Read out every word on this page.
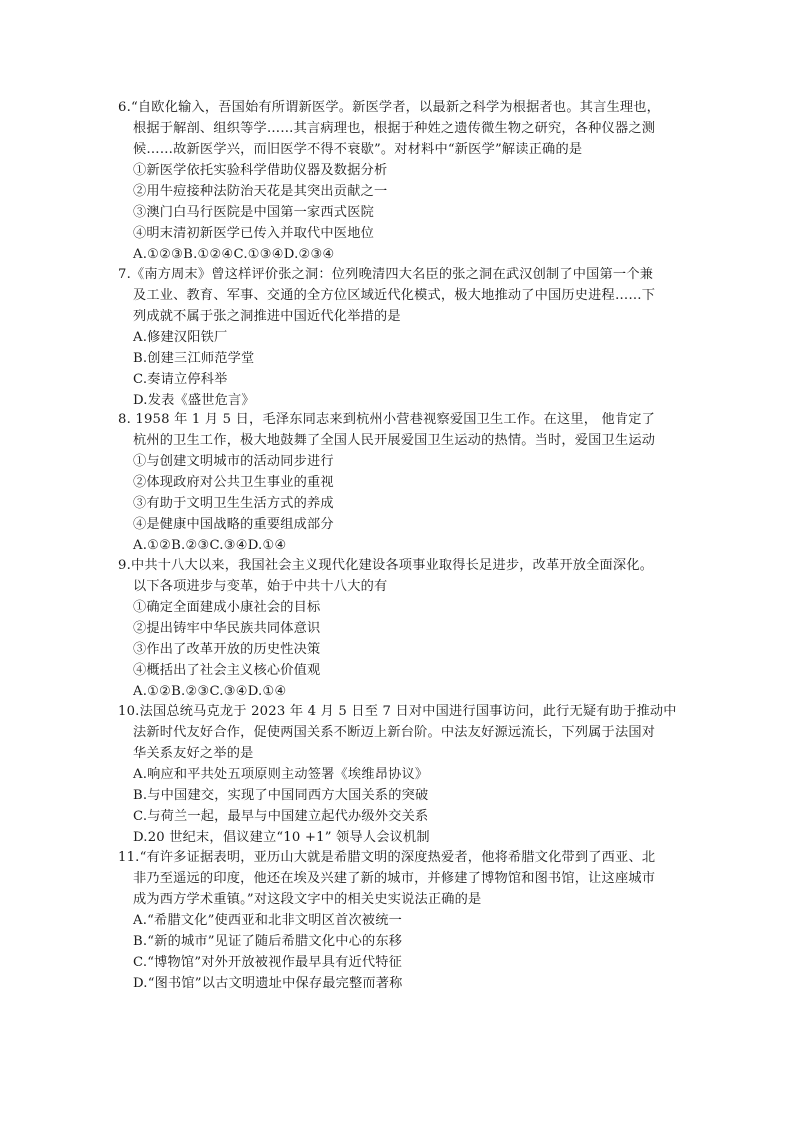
6.“自欧化输入，吾国始有所谓新医学。新医学者，以最新之科学为根据者也。其言生理也，
根据于解剖、组织等学……其言病理也，根据于种姓之遗传微生物之研究，各种仪器之测
候……故新医学兴，而旧医学不得不衰歇”。对材料中“新医学”解读正确的是
①新医学依托实验科学借助仪器及数据分析
②用牛痘接种法防治天花是其突出贡献之一
③澳门白马行医院是中国第一家西式医院
④明末清初新医学已传入并取代中医地位
A.①②③B.①②④C.①③④D.②③④
7.《南方周末》曾这样评价张之洞：位列晚清四大名臣的张之洞在武汉创制了中国第一个兼
及工业、教育、军事、交通的全方位区域近代化模式，极大地推动了中国历史进程……下
列成就不属于张之洞推进中国近代化举措的是
A.修建汉阳铁厂
B.创建三江师范学堂
C.奏请立停科举
D.发表《盛世危言》
8. 1958 年 1 月 5 日，毛泽东同志来到杭州小营巷视察爱国卫生工作。在这里， 他肯定了
杭州的卫生工作，极大地鼓舞了全国人民开展爱国卫生运动的热情。当时，爱国卫生运动
①与创建文明城市的活动同步进行
②体现政府对公共卫生事业的重视
③有助于文明卫生生活方式的养成
④是健康中国战略的重要组成部分
A.①②B.②③C.③④D.①④
9.中共十八大以来，我国社会主义现代化建设各项事业取得长足进步，改革开放全面深化。
以下各项进步与变革，始于中共十八大的有
①确定全面建成小康社会的目标
②提出铸牢中华民族共同体意识
③作出了改革开放的历史性决策
④概括出了社会主义核心价值观
A.①②B.②③C.③④D.①④
10.法国总统马克龙于 2023 年 4 月 5 日至 7 日对中国进行国事访问，此行无疑有助于推动中
法新时代友好合作，促使两国关系不断迈上新台阶。中法友好源远流长，下列属于法国对
华关系友好之举的是
A.响应和平共处五项原则主动签署《埃维昂协议》
B.与中国建交，实现了中国同西方大国关系的突破
C.与荷兰一起，最早与中国建立起代办级外交关系
D.20 世纪末，倡议建立“10 +1” 领导人会议机制
11.“有许多证据表明，亚历山大就是希腊文明的深度热爱者，他将希腊文化带到了西亚、北
非乃至遥远的印度，他还在埃及兴建了新的城市，并修建了博物馆和图书馆，让这座城市
成为西方学术重镇。”对这段文字中的相关史实说法正确的是
A.“希腊文化”使西亚和北非文明区首次被统一
B.“新的城市”见证了随后希腊文化中心的东移
C.“博物馆”对外开放被视作最早具有近代特征
D.“图书馆”以古文明遗址中保存最完整而著称
